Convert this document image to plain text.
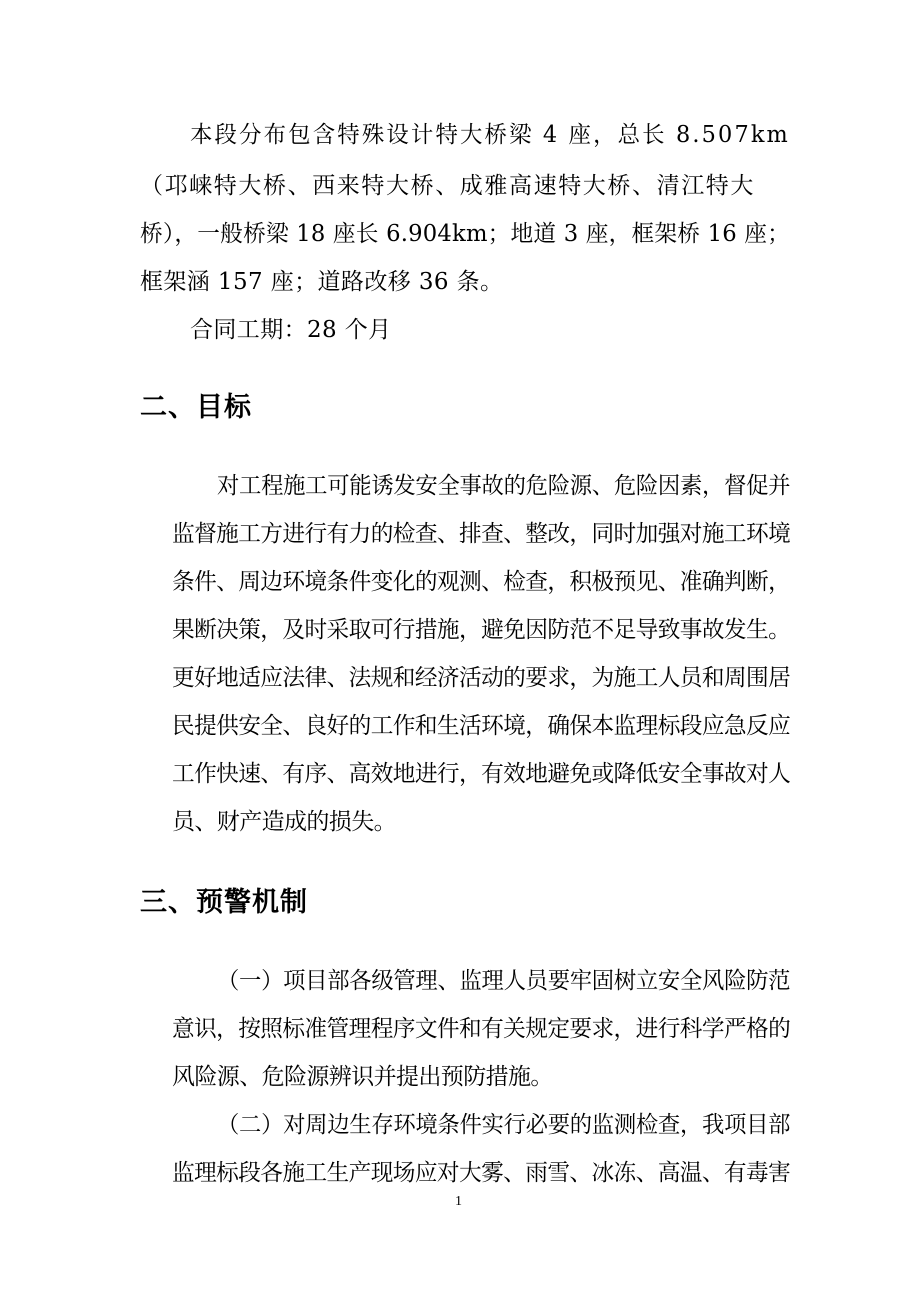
本段分布包含特殊设计特大桥梁 4 座，总长 8.507km
（邛崃特大桥、西来特大桥、成雅高速特大桥、清江特大
桥），一般桥梁 18 座长 6.904km；地道 3 座，框架桥 16 座；
框架涵 157 座；道路改移 36 条。
合同工期：28 个月
二、目标
对工程施工可能诱发安全事故的危险源、危险因素，督促并
监督施工方进行有力的检查、排查、整改，同时加强对施工环境
条件、周边环境条件变化的观测、检查，积极预见、准确判断，
果断决策，及时采取可行措施，避免因防范不足导致事故发生。
更好地适应法律、法规和经济活动的要求，为施工人员和周围居
民提供安全、良好的工作和生活环境，确保本监理标段应急反应
工作快速、有序、高效地进行，有效地避免或降低安全事故对人
员、财产造成的损失。
三、预警机制
（一）项目部各级管理、监理人员要牢固树立安全风险防范
意识，按照标准管理程序文件和有关规定要求，进行科学严格的
风险源、危险源辨识并提出预防措施。
（二）对周边生存环境条件实行必要的监测检查，我项目部
监理标段各施工生产现场应对大雾、雨雪、冰冻、高温、有毒害
1
